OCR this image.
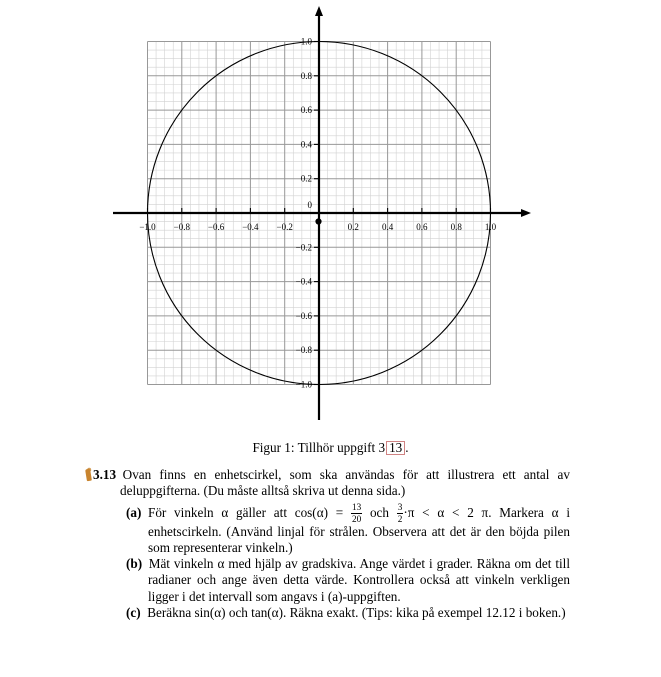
−1.0 −0.8 −0.6 −0.4 −0.2	0.2	0.4	0.6	0.8	1.0
1.0
0.8
0.6
0.4
0.2
−0.2
−0.4
−0.6
−0.8
−1.0
0
Figur 1: Tillhör uppgift 3 13 .

3.13  Ovan finns en enhetscirkel, som ska användas för att illustrera ett antal av deluppgifterna. (Du måste alltså skriva ut denna sida.)

(a)  För vinkeln α gäller att $\cos(\alpha) = \frac{13}{20}$ och $\frac{3}{2} \cdot\pi < \alpha < 2$ π. Markera α i enhetscirkeln. (Använd linjal för strålen. Observera att det är den böjda pilen som representerar vinkeln.)

(b)  Mät vinkeln α med hjälp av gradskiva. Ange värdet i grader. Räkna om det till radianer och ange även detta värde. Kontrollera också att vinkeln verkligen ligger i det intervall som angavs i (a)-uppgiften.

(c)  Beräkna sin(α) och tan(α). Räkna exakt. (Tips: kika på exempel 12.12 i boken.)
